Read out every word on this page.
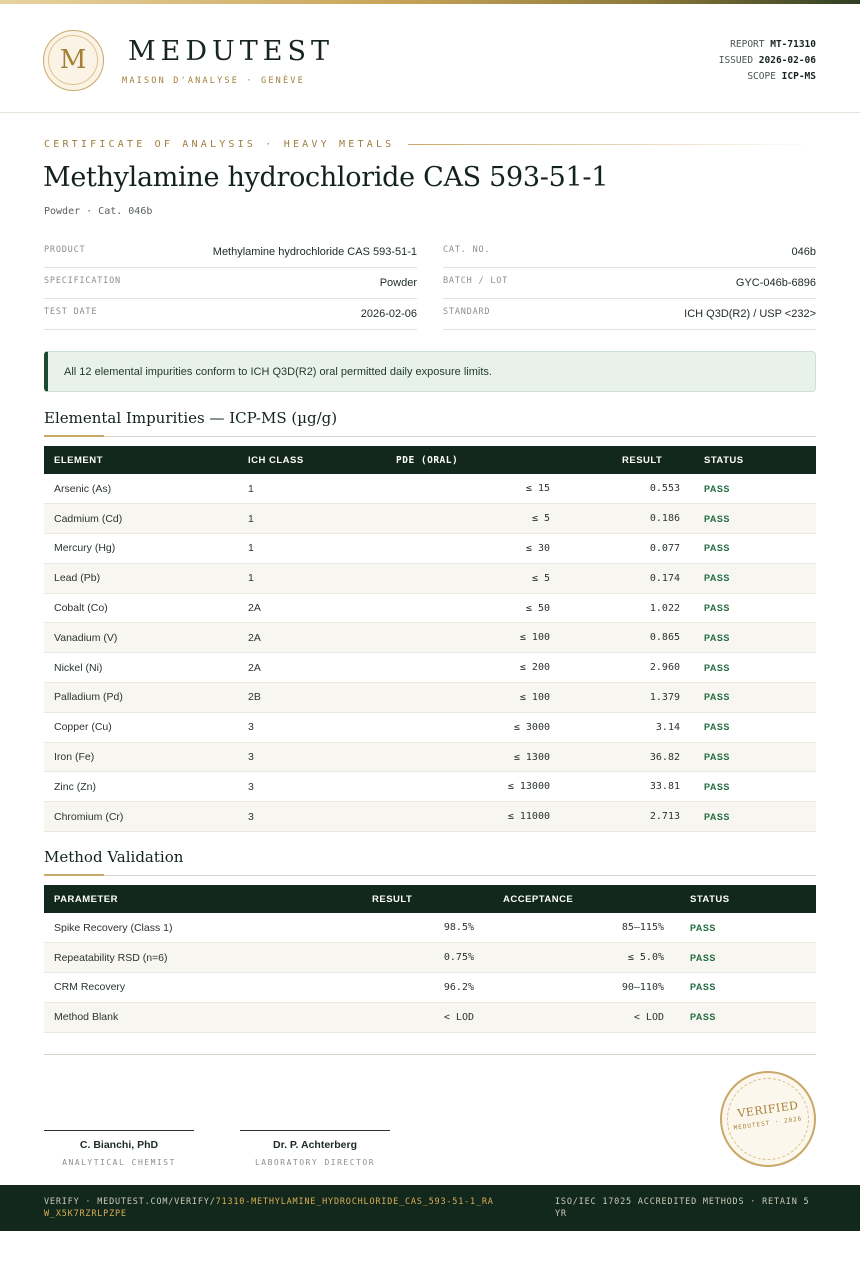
M	MEDUTEST
MAISON D'ANALYSE · GENÈVE
REPORT MT-71310
ISSUED 2026-02-06
SCOPE ICP-MS
CERTIFICATE OF ANALYSIS · HEAVY METALS
Methylamine hydrochloride CAS 593-51-1
Powder · Cat. 046b
PRODUCT	Methylamine hydrochloride CAS 593-51-1
SPECIFICATION	Powder
TEST DATE	2026-02-06
CAT. NO.	046b
BATCH / LOT	GYC-046b-6896
STANDARD	ICH Q3D(R2) / USP <232>
All 12 elemental impurities conform to ICH Q3D(R2) oral permitted daily exposure limits.
Elemental Impurities — ICP-MS (µg/g)
ELEMENT	ICH CLASS	PDE (ORAL)	RESULT	STATUS
Arsenic (As)	1	≤ 15	0.553	PASS
Cadmium (Cd)	1	≤ 5	0.186	PASS
Mercury (Hg)	1	≤ 30	0.077	PASS
Lead (Pb)	1	≤ 5	0.174	PASS
Cobalt (Co)	2A	≤ 50	1.022	PASS
Vanadium (V)	2A	≤ 100	0.865	PASS
Nickel (Ni)	2A	≤ 200	2.960	PASS
Palladium (Pd)	2B	≤ 100	1.379	PASS
Copper (Cu)	3	≤ 3000	3.14	PASS
Iron (Fe)	3	≤ 1300	36.82	PASS
Zinc (Zn)	3	≤ 13000	33.81	PASS
Chromium (Cr)	3	≤ 11000	2.713	PASS
Method Validation
PARAMETER	RESULT	ACCEPTANCE	STATUS
Spike Recovery (Class 1)	98.5%	85–115%	PASS
Repeatability RSD (n=6)	0.75%	≤ 5.0%	PASS
CRM Recovery	96.2%	90–110%	PASS
Method Blank	< LOD	< LOD	PASS
C. Bianchi, PhD
ANALYTICAL CHEMIST
Dr. P. Achterberg
LABORATORY DIRECTOR
VERIFIED
MEDUTEST · 2026
VERIFY · MEDUTEST.COM/VERIFY/71310-METHYLAMINE_HYDROCHLORIDE_CAS_593-51-1_RAW_X5K7RZRLPZPE
ISO/IEC 17025 ACCREDITED METHODS · RETAIN 5 YR
